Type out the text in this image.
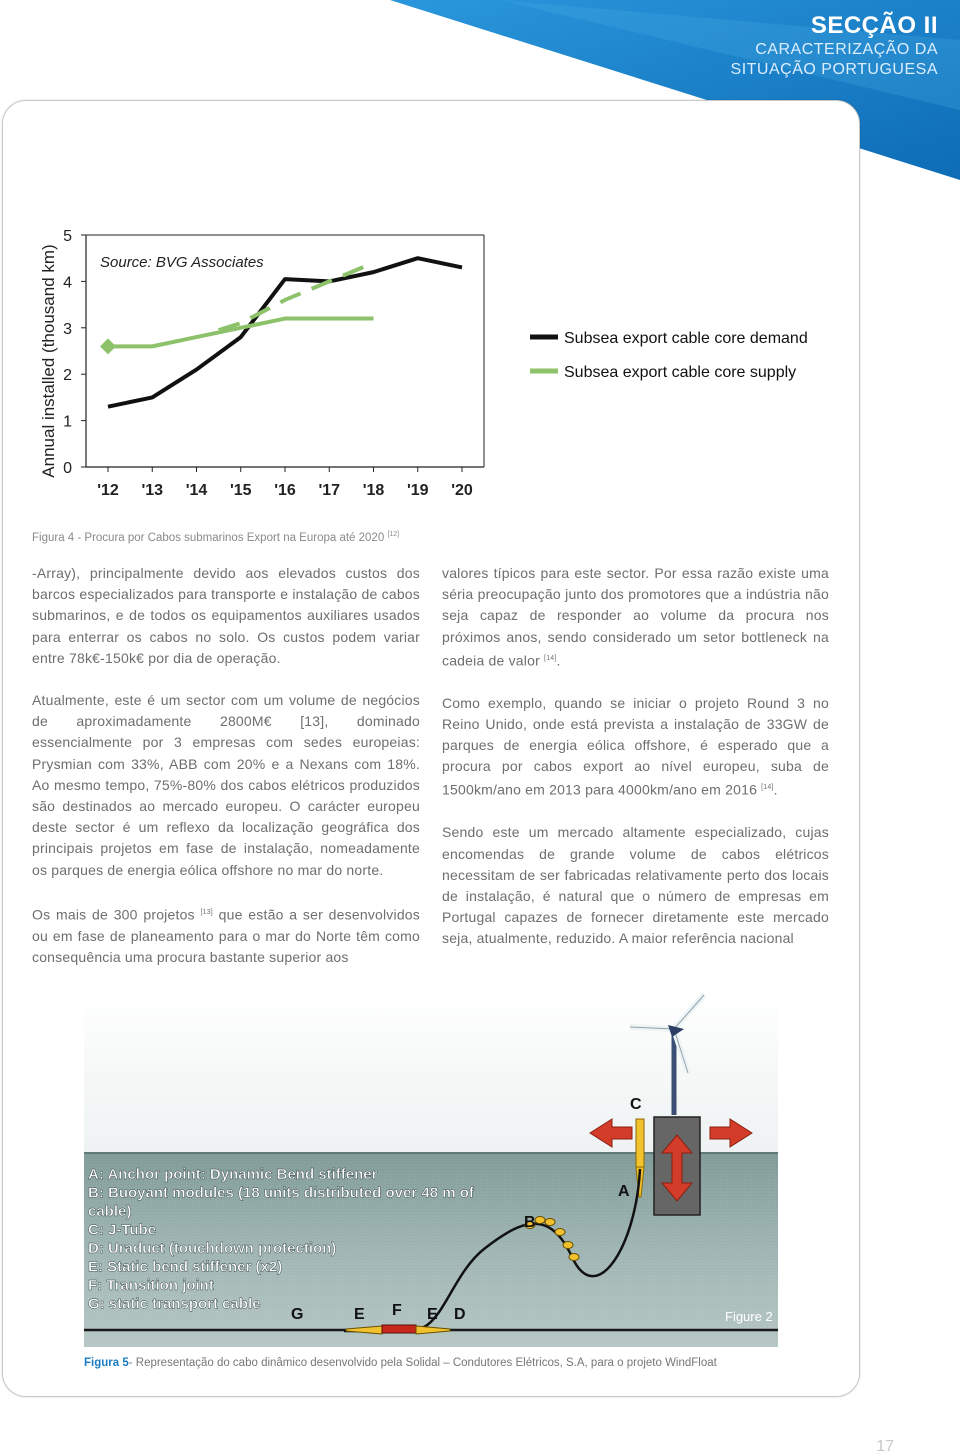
SECÇÃO II
CARACTERIZAÇÃO DA
SITUAÇÃO PORTUGUESA
0
1
2
3
4
5
'12 '13 '14 '15 '16 '17 '18 '19 '20
Annual installed (thousand km)	Source: BVG Associates
Subsea export cable core demand
Subsea export cable core supply
Figura 4 - Procura por Cabos submarinos Export na Europa até 2020 [12]

-Array), principalmente devido aos elevados custos dos barcos especializados para transporte e instalação de cabos submarinos, e de todos os equipamentos auxiliares usados para enterrar os cabos no solo. Os custos podem variar entre 78k€-150k€ por dia de operação.

Atualmente, este é um sector com um volume de negócios de aproximadamente 2800M€ [13], dominado essencialmente por 3 empresas com sedes europeias: Prysmian com 33%, ABB com 20% e a Nexans com 18%. Ao mesmo tempo, 75%-80% dos cabos elétricos produzidos são destinados ao mercado europeu. O carácter europeu deste sector é um reflexo da localização geográfica dos principais projetos em fase de instalação, nomeadamente os parques de energia eólica offshore no mar do norte.

Os mais de 300 projetos [13] que estão a ser desenvolvidos ou em fase de planeamento para o mar do Norte têm como consequência uma procura bastante superior aos

valores típicos para este sector. Por essa razão existe uma séria preocupação junto dos promotores que a indústria não seja capaz de responder ao volume da procura nos próximos anos, sendo considerado um setor bottleneck na cadeia de valor [14].

Como exemplo, quando se iniciar o projeto Round 3 no Reino Unido, onde está prevista a instalação de 33GW de parques de energia eólica offshore, é esperado que a procura por cabos export ao nível europeu, suba de 1500km/ano em 2013 para 4000km/ano em 2016 [14].

Sendo este um mercado altamente especializado, cujas encomendas de grande volume de cabos elétricos necessitam de ser fabricadas relativamente perto dos locais de instalação, é natural que o número de empresas em Portugal capazes de fornecer diretamente este mercado seja, atualmente, reduzido. A maior referência nacional

C
A
B
G	E F E D
A: Anchor point: Dynamic Bend stiffener
B: Buoyant modules (18 units distributed over 48 m of
cable)
C: J-Tube
D: Uraduct (touchdown protection)
E: Static bend stiffener (x2)
F: Transition joint
G: static transport cable
Figure 2
Figura 5- Representação do cabo dinâmico desenvolvido pela Solidal – Condutores Elétricos, S.A, para o projeto WindFloat
17
